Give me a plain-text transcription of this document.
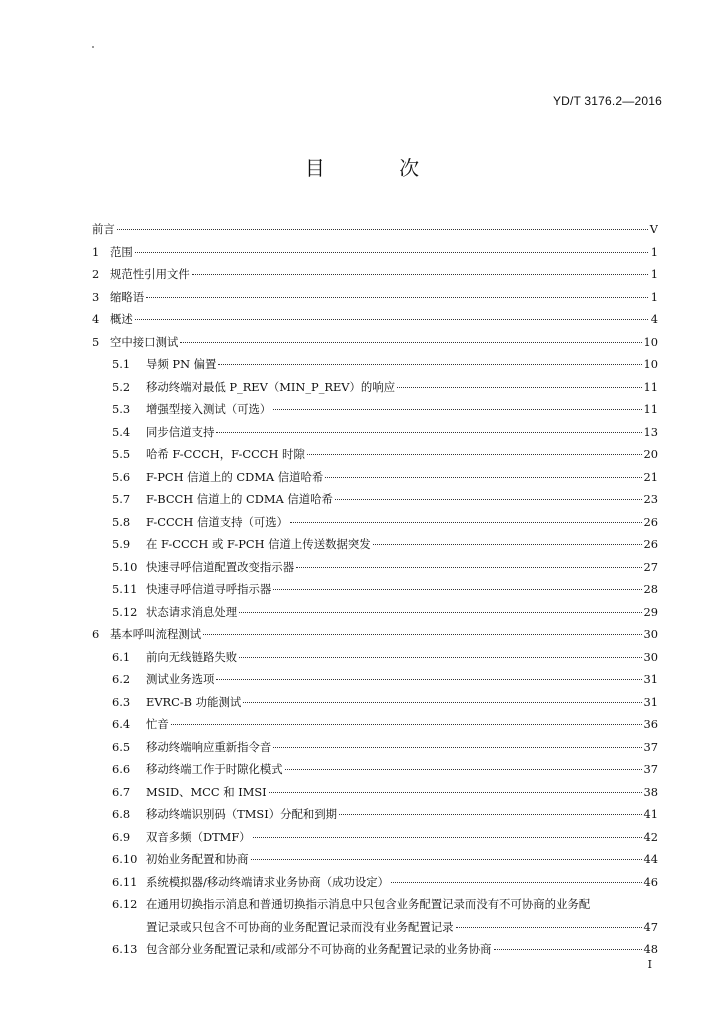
YD/T 3176.2—2016
目 次
前言	V
1 范围	1
2 规范性引用文件	1
3 缩略语	1
4 概述	4
5 空中接口测试	10
5.1	导频 PN 偏置	10
5.2	移动终端对最低 P_REV（MIN_P_REV）的响应	11
5.3	增强型接入测试（可选）	11
5.4	同步信道支持	13
5.5	哈希 F-CCCH，F-CCCH 时隙	20
5.6	F-PCH 信道上的 CDMA 信道哈希	21
5.7	F-BCCH 信道上的 CDMA 信道哈希	23
5.8	F-CCCH 信道支持（可选）	26
5.9	在 F-CCCH 或 F-PCH 信道上传送数据突发	26
5.10 快速寻呼信道配置改变指示器	27
5.11 快速寻呼信道寻呼指示器	28
5.12 状态请求消息处理	29
6 基本呼叫流程测试	30
6.1	前向无线链路失败	30
6.2	测试业务选项	31
6.3	EVRC-B 功能测试	31
6.4	忙音	36
6.5	移动终端响应重新指令音	37
6.6	移动终端工作于时隙化模式	37
6.7	MSID、MCC 和 IMSI	38
6.8	移动终端识别码（TMSI）分配和到期	41
6.9	双音多频（DTMF）	42
6.10 初始业务配置和协商	44
6.11 系统模拟器/移动终端请求业务协商（成功设定）	46
6.12 在通用切换指示消息和普通切换指示消息中只包含业务配置记录而没有不可协商的业务配
置记录或只包含不可协商的业务配置记录而没有业务配置记录	47
6.13 包含部分业务配置记录和/或部分不可协商的业务配置记录的业务协商	48
I
